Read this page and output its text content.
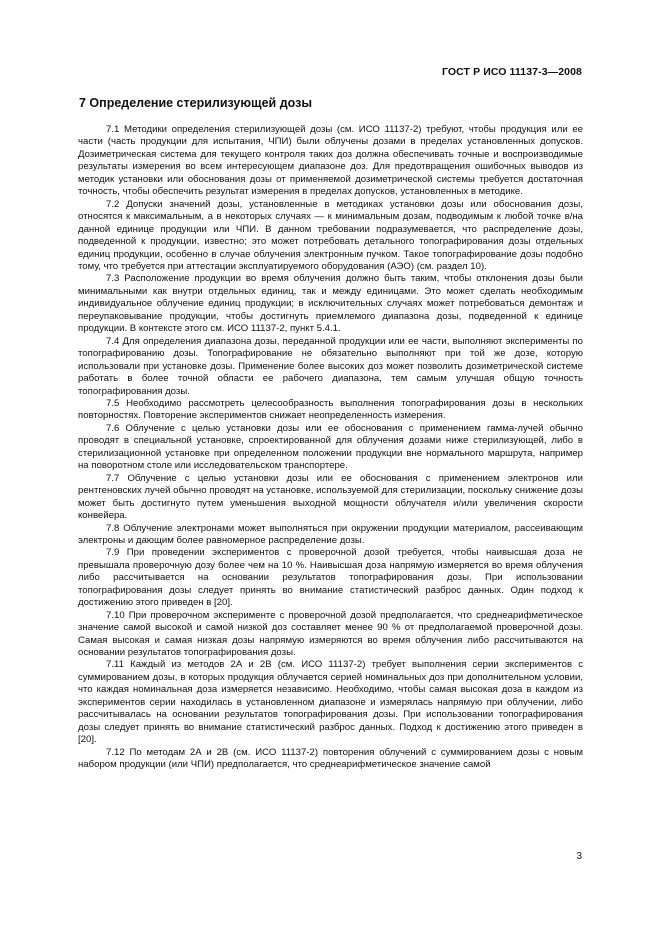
ГОСТ Р ИСО 11137-3—2008
7 Определение стерилизующей дозы

7.1 Методики определения стерилизующей дозы (см. ИСО 11137-2) требуют, чтобы продукция или ее части (часть продукции для испытания, ЧПИ) были облучены дозами в пределах установленных допусков. Дозиметрическая система для текущего контроля таких доз должна обеспечивать точные и воспроизводимые результаты измерения во всем интересующем диапазоне доз. Для предотвращения ошибочных выводов из методик установки или обоснования дозы от применяемой дозиметрической системы требуется достаточная точность, чтобы обеспечить результат измерения в пределах допусков, установленных в методике.

7.2 Допуски значений дозы, установленные в методиках установки дозы или обоснования дозы, относятся к максимальным, а в некоторых случаях — к минимальным дозам, подводимым к любой точке в/на данной единице продукции или ЧПИ. В данном требовании подразумевается, что распределение дозы, подведенной к продукции, известно; это может потребовать детального топографирования дозы отдельных единиц продукции, особенно в случае облучения электронным пучком. Такое топографирование дозы подобно тому, что требуется при аттестации эксплуатируемого оборудования (АЭО) (см. раздел 10).

7.3 Расположение продукции во время облучения должно быть таким, чтобы отклонения дозы были минимальными как внутри отдельных единиц, так и между единицами. Это может сделать необходимым индивидуальное облучение единиц продукции; в исключительных случаях может потребоваться демонтаж и переупаковывание продукции, чтобы достигнуть приемлемого диапазона дозы, подведенной к единице продукции. В контексте этого см. ИСО 11137-2, пункт 5.4.1.

7.4 Для определения диапазона дозы, переданной продукции или ее части, выполняют эксперименты по топографированию дозы. Топографирование не обязательно выполняют при той же дозе, которую использовали при установке дозы. Применение более высоких доз может позволить дозиметрической системе работать в более точной области ее рабочего диапазона, тем самым улучшая общую точность топографирования дозы.

7.5 Необходимо рассмотреть целесообразность выполнения топографирования дозы в нескольких повторностях. Повторение экспериментов снижает неопределенность измерения.

7.6 Облучение с целью установки дозы или ее обоснования с применением гамма-лучей обычно проводят в специальной установке, спроектированной для облучения дозами ниже стерилизующей, либо в стерилизационной установке при определенном положении продукции вне нормального маршрута, например на поворотном столе или исследовательском транспортере.

7.7 Облучение с целью установки дозы или ее обоснования с применением электронов или рентгеновских лучей обычно проводят на установке, используемой для стерилизации, поскольку снижение дозы может быть достигнуто путем уменьшения выходной мощности облучателя и/или увеличения скорости конвейера.

7.8 Облучение электронами может выполняться при окружении продукции материалом, рассеивающим электроны и дающим более равномерное распределение дозы.

7.9 При проведении экспериментов с проверочной дозой требуется, чтобы наивысшая доза не превышала проверочную дозу более чем на 10 %. Наивысшая доза напрямую измеряется во время облучения либо рассчитывается на основании результатов топографирования дозы. При использовании топографирования дозы следует принять во внимание статистический разброс данных. Один подход к достижению этого приведен в [20].

7.10 При проверочном эксперименте с проверочной дозой предполагается, что среднеарифметическое значение самой высокой и самой низкой доз составляет менее 90 % от предполагаемой проверочной дозы. Самая высокая и самая низкая дозы напрямую измеряются во время облучения либо рассчитываются на основании результатов топографирования дозы.

7.11 Каждый из методов 2А и 2В (см. ИСО 11137-2) требует выполнения серии экспериментов с суммированием дозы, в которых продукция облучается серией номинальных доз при дополнительном условии, что каждая номинальная доза измеряется независимо. Необходимо, чтобы самая высокая доза в каждом из экспериментов серии находилась в установленном диапазоне и измерялась напрямую при облучении, либо рассчитывалась на основании результатов топографирования дозы. При использовании топографирования дозы следует принять во внимание статистический разброс данных. Подход к достижению этого приведен в [20].

7.12 По методам 2А и 2В (см. ИСО 11137-2) повторения облучений с суммированием дозы с новым набором продукции (или ЧПИ) предполагается, что среднеарифметическое значение самой

3
